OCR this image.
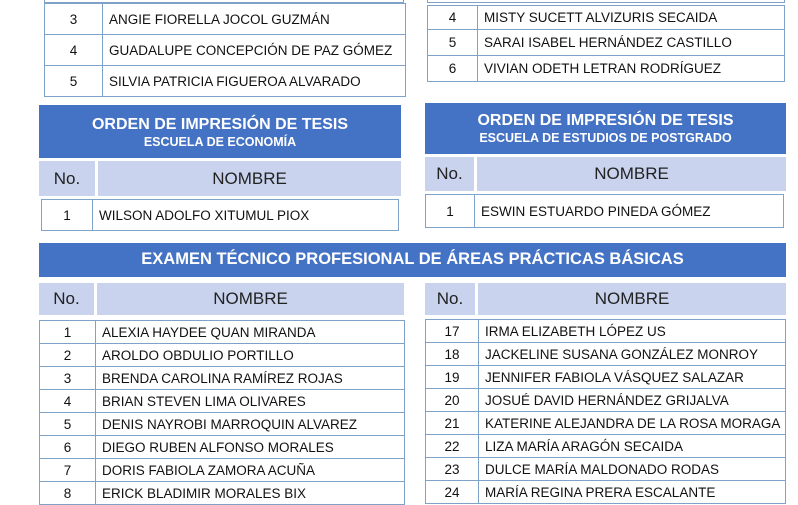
3	ANGIE FIORELLA JOCOL GUZMÁN
4	GUADALUPE CONCEPCIÓN DE PAZ GÓMEZ
5	SILVIA PATRICIA FIGUEROA ALVARADO
4	MISTY SUCETT ALVIZURIS SECAIDA
5	SARAI ISABEL HERNÁNDEZ CASTILLO
6	VIVIAN ODETH LETRAN RODRÍGUEZ
ORDEN DE IMPRESIÓN DE TESIS
ESCUELA DE ECONOMÍA
No.	NOMBRE
1	WILSON ADOLFO XITUMUL PIOX
ORDEN DE IMPRESIÓN DE TESIS
ESCUELA DE ESTUDIOS DE POSTGRADO
No.	NOMBRE
1	ESWIN ESTUARDO PINEDA GÓMEZ
EXAMEN TÉCNICO PROFESIONAL DE ÁREAS PRÁCTICAS BÁSICAS
No.	NOMBRE
1	ALEXIA HAYDEE QUAN MIRANDA
2	AROLDO OBDULIO PORTILLO
3	BRENDA CAROLINA RAMÍREZ ROJAS
4	BRIAN STEVEN LIMA OLIVARES
5	DENIS NAYROBI MARROQUIN ALVAREZ
6	DIEGO RUBEN ALFONSO MORALES
7	DORIS FABIOLA ZAMORA ACUÑA
8	ERICK BLADIMIR MORALES BIX
No.	NOMBRE
17	IRMA ELIZABETH LÓPEZ US
18	JACKELINE SUSANA GONZÁLEZ MONROY
19	JENNIFER FABIOLA VÁSQUEZ SALAZAR
20	JOSUÉ DAVID HERNÁNDEZ GRIJALVA
21	KATERINE ALEJANDRA DE LA ROSA MORAGA
22	LIZA MARÍA ARAGÓN SECAIDA
23	DULCE MARÍA MALDONADO RODAS
24	MARÍA REGINA PRERA ESCALANTE
